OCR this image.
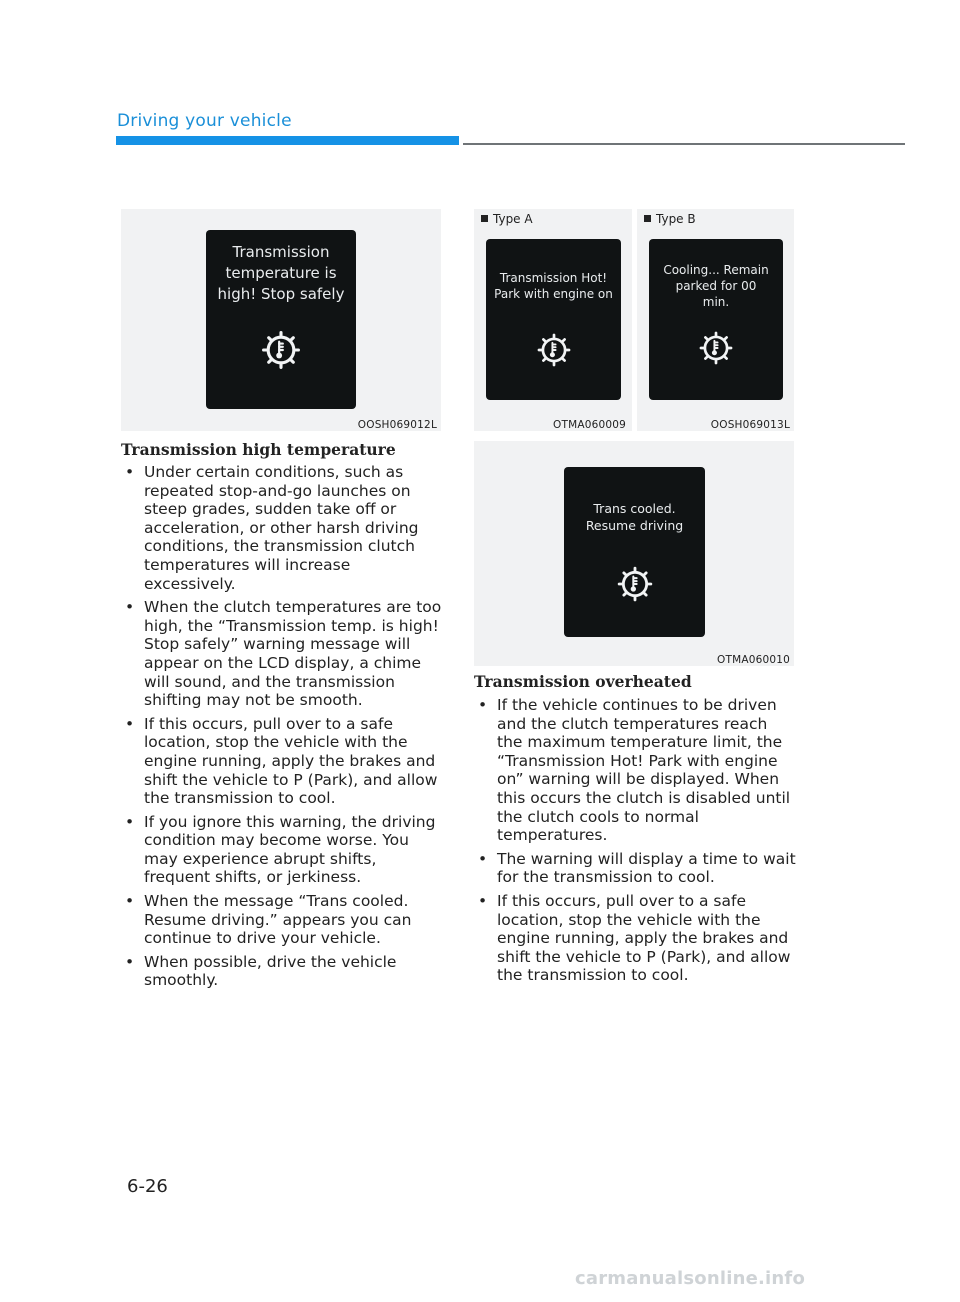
Driving your vehicle
Transmission temperature is high! Stop safely
OOSH069012L
Type A
Transmission Hot! Park with engine on
OTMA060009
Type B
Cooling... Remain parked for 00 min.
OOSH069013L
Trans cooled. Resume driving
OTMA060010
Transmission high temperature
• Under certain conditions, such as repeated stop-and-go launches on steep grades, sudden take off or acceleration, or other harsh driving conditions, the transmission clutch temperatures will increase excessively.
• When the clutch temperatures are too high, the “Transmission temp. is high! Stop safely” warning message will appear on the LCD display, a chime will sound, and the transmission shifting may not be smooth.
• If this occurs, pull over to a safe location, stop the vehicle with the engine running, apply the brakes and shift the vehicle to P (Park), and allow the transmission to cool.
• If you ignore this warning, the driving condition may become worse. You may experience abrupt shifts, frequent shifts, or jerkiness.
• When the message “Trans cooled. Resume driving.” appears you can continue to drive your vehicle.
• When possible, drive the vehicle smoothly.
Transmission overheated
• If the vehicle continues to be driven and the clutch temperatures reach the maximum temperature limit, the “Transmission Hot! Park with engine on” warning will be displayed. When this occurs the clutch is disabled until the clutch cools to normal temperatures.
• The warning will display a time to wait for the transmission to cool.
• If this occurs, pull over to a safe location, stop the vehicle with the engine running, apply the brakes and shift the vehicle to P (Park), and allow the transmission to cool.
6-26
carmanualsonline.info
